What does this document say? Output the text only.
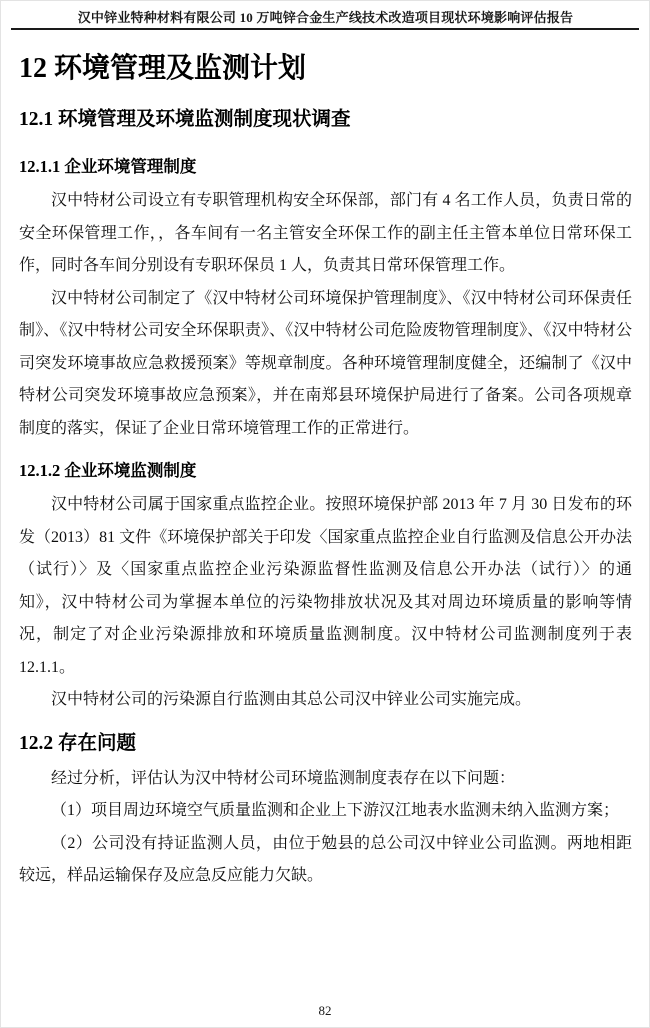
汉中锌业特种材料有限公司 10 万吨锌合金生产线技术改造项目现状环境影响评估报告
12 环境管理及监测计划
12.1 环境管理及环境监测制度现状调查
12.1.1 企业环境管理制度

汉中特材公司设立有专职管理机构安全环保部，部门有 4 名工作人员，负责日常的安全环保管理工作，，各车间有一名主管安全环保工作的副主任主管本单位日常环保工作，同时各车间分别设有专职环保员 1 人，负责其日常环保管理工作。

汉中特材公司制定了《汉中特材公司环境保护管理制度》、《汉中特材公司环保责任制》、《汉中特材公司安全环保职责》、《汉中特材公司危险废物管理制度》、《汉中特材公司突发环境事故应急救援预案》等规章制度。各种环境管理制度健全，还编制了《汉中特材公司突发环境事故应急预案》，并在南郑县环境保护局进行了备案。公司各项规章制度的落实，保证了企业日常环境管理工作的正常进行。

12.1.2 企业环境监测制度

汉中特材公司属于国家重点监控企业。按照环境保护部 2013 年 7 月 30 日发布的环发（2013）81 文件《环境保护部关于印发〈国家重点监控企业自行监测及信息公开办法（试行）〉及〈国家重点监控企业污染源监督性监测及信息公开办法（试行）〉的通知》，汉中特材公司为掌握本单位的污染物排放状况及其对周边环境质量的影响等情况，制定了对企业污染源排放和环境质量监测制度。汉中特材公司监测制度列于表 12.1.1。

汉中特材公司的污染源自行监测由其总公司汉中锌业公司实施完成。

12.2 存在问题

经过分析，评估认为汉中特材公司环境监测制度表存在以下问题：

（1）项目周边环境空气质量监测和企业上下游汉江地表水监测未纳入监测方案；

（2）公司没有持证监测人员，由位于勉县的总公司汉中锌业公司监测。两地相距较远，样品运输保存及应急反应能力欠缺。

82
